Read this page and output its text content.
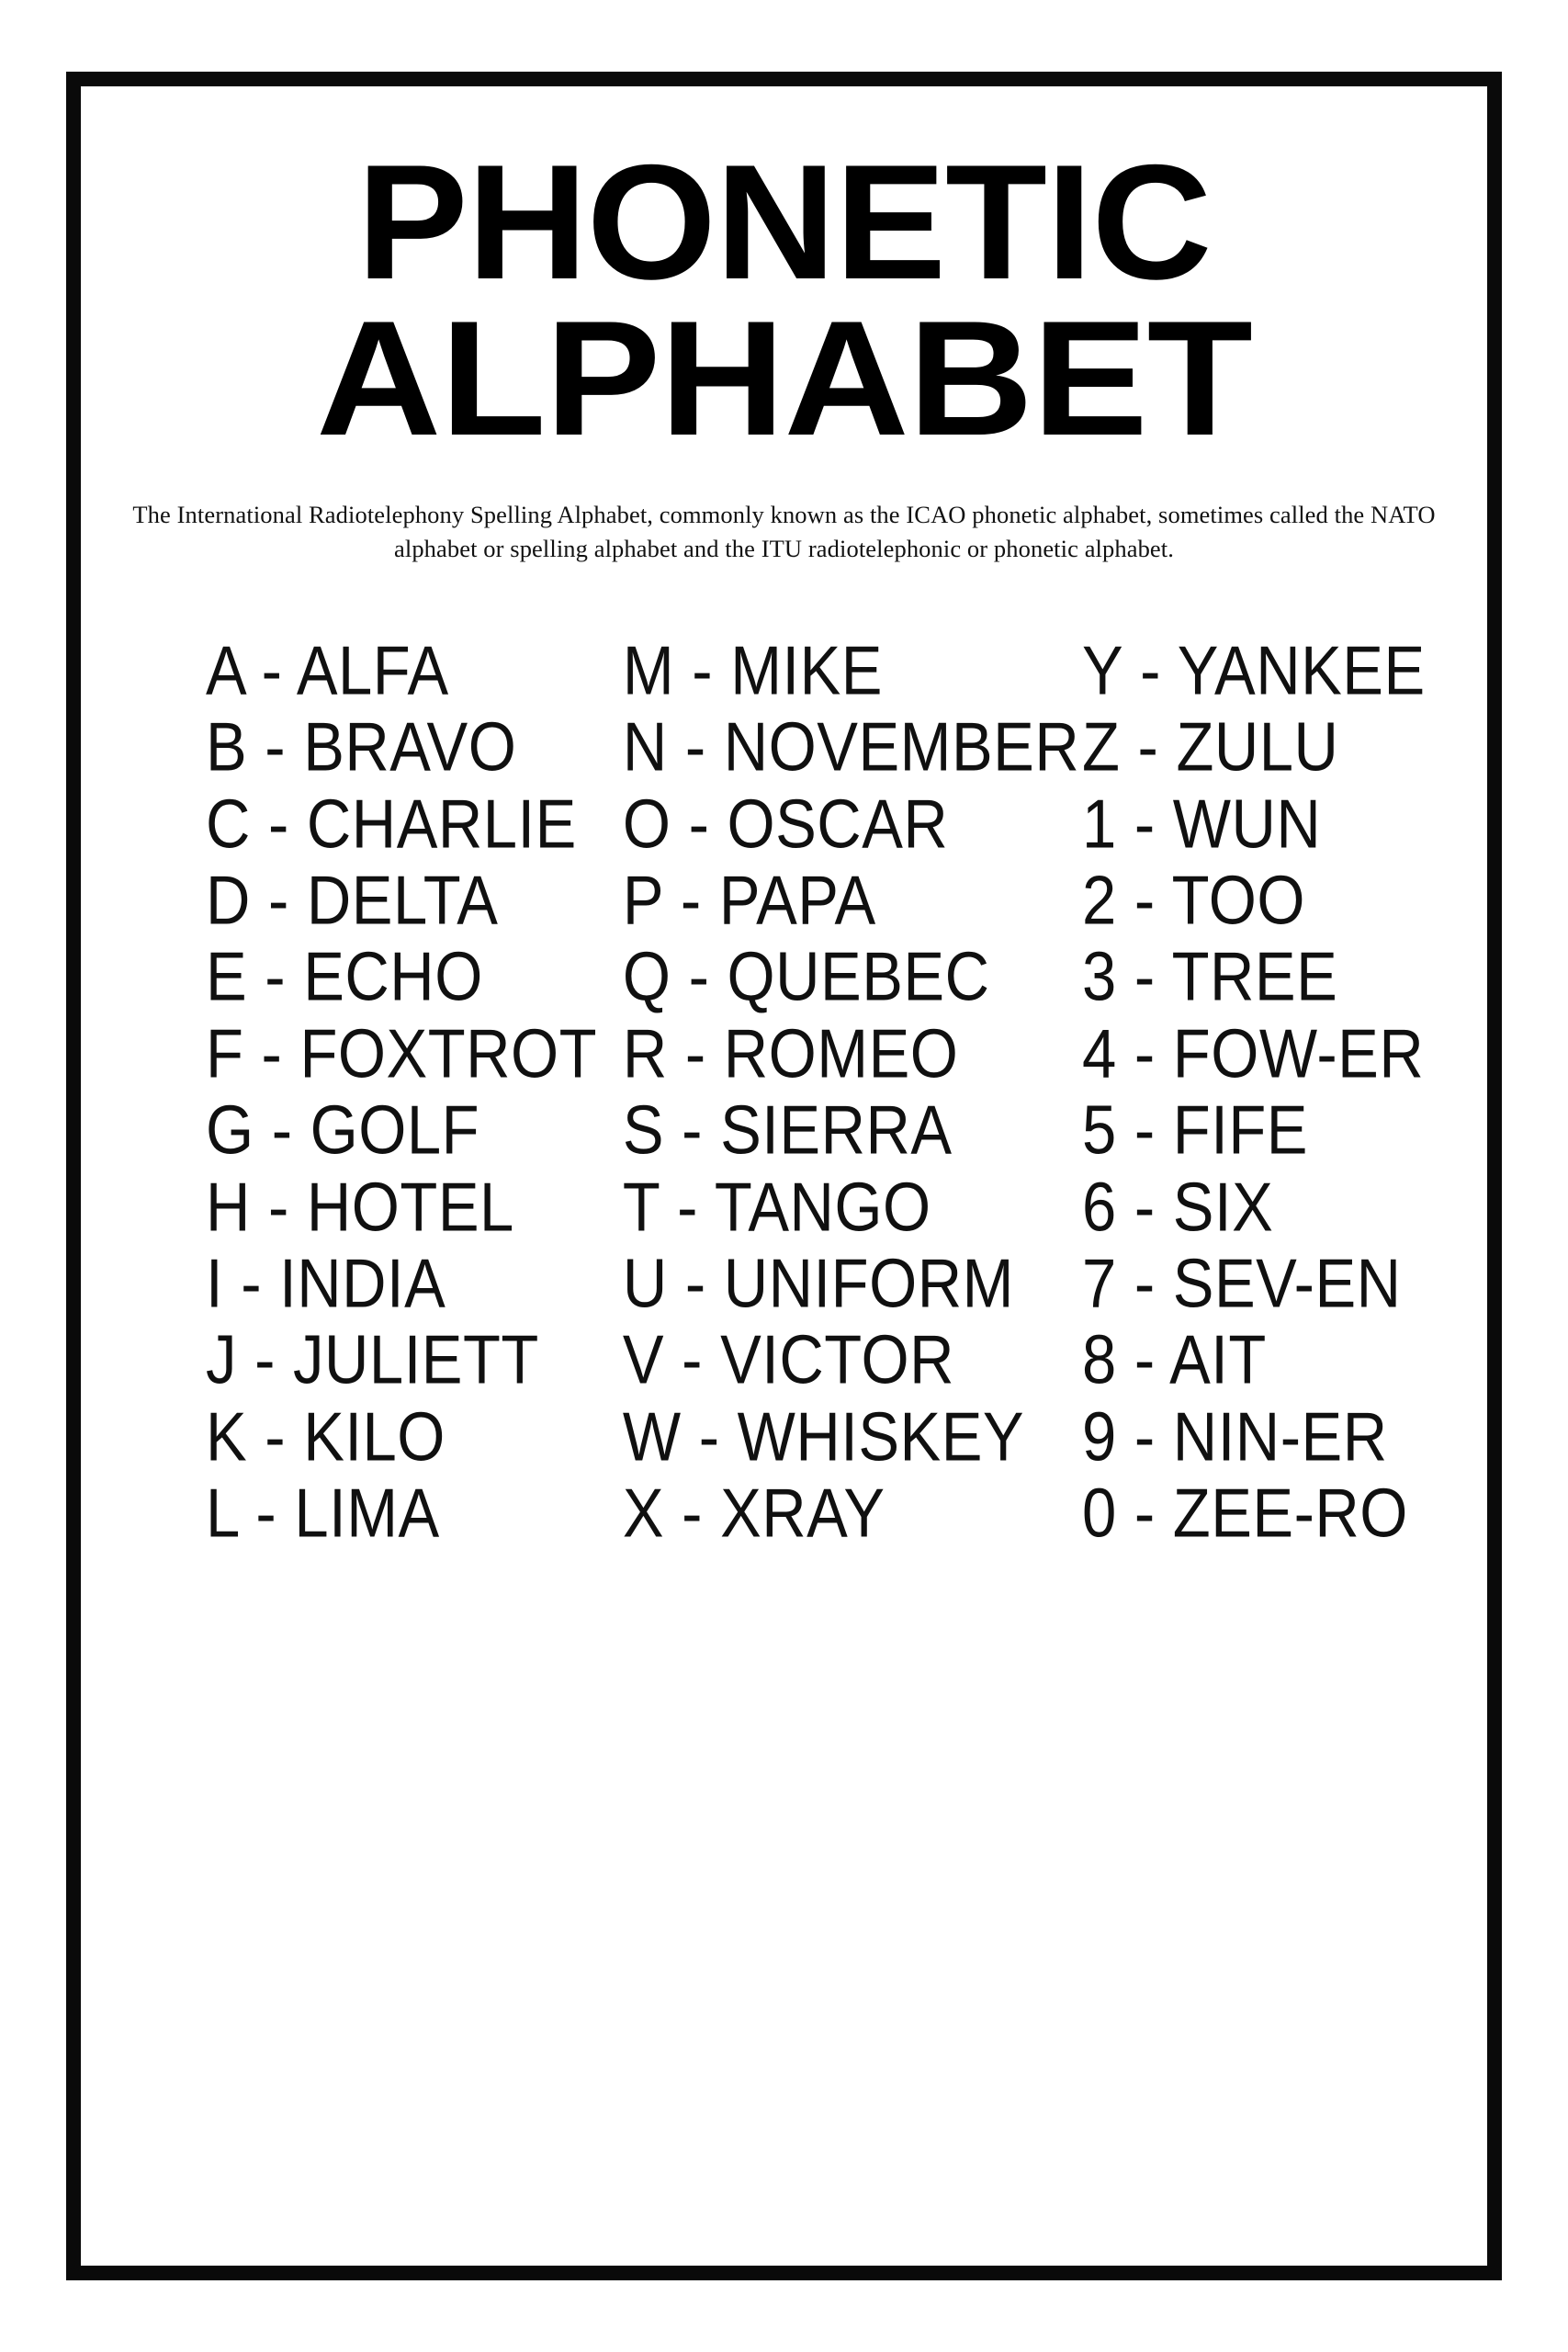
PHONETIC
ALPHABET
The International Radiotelephony Spelling Alphabet, commonly known as the ICAO phonetic alphabet, sometimes called the NATO alphabet or spelling alphabet and the ITU radiotelephonic or phonetic alphabet.
A - ALFA
B - BRAVO
C - CHARLIE
D - DELTA
E - ECHO
F - FOXTROT
G - GOLF
H - HOTEL
I - INDIA
J - JULIETT
K - KILO
L - LIMA
M - MIKE
N - NOVEMBER
O - OSCAR
P - PAPA
Q - QUEBEC
R - ROMEO
S - SIERRA
T - TANGO
U - UNIFORM
V - VICTOR
W - WHISKEY
X - XRAY
Y - YANKEE
Z - ZULU
1 - WUN
2 - TOO
3 - TREE
4 - FOW-ER
5 - FIFE
6 - SIX
7 - SEV-EN
8 - AIT
9 - NIN-ER
0 - ZEE-RO
